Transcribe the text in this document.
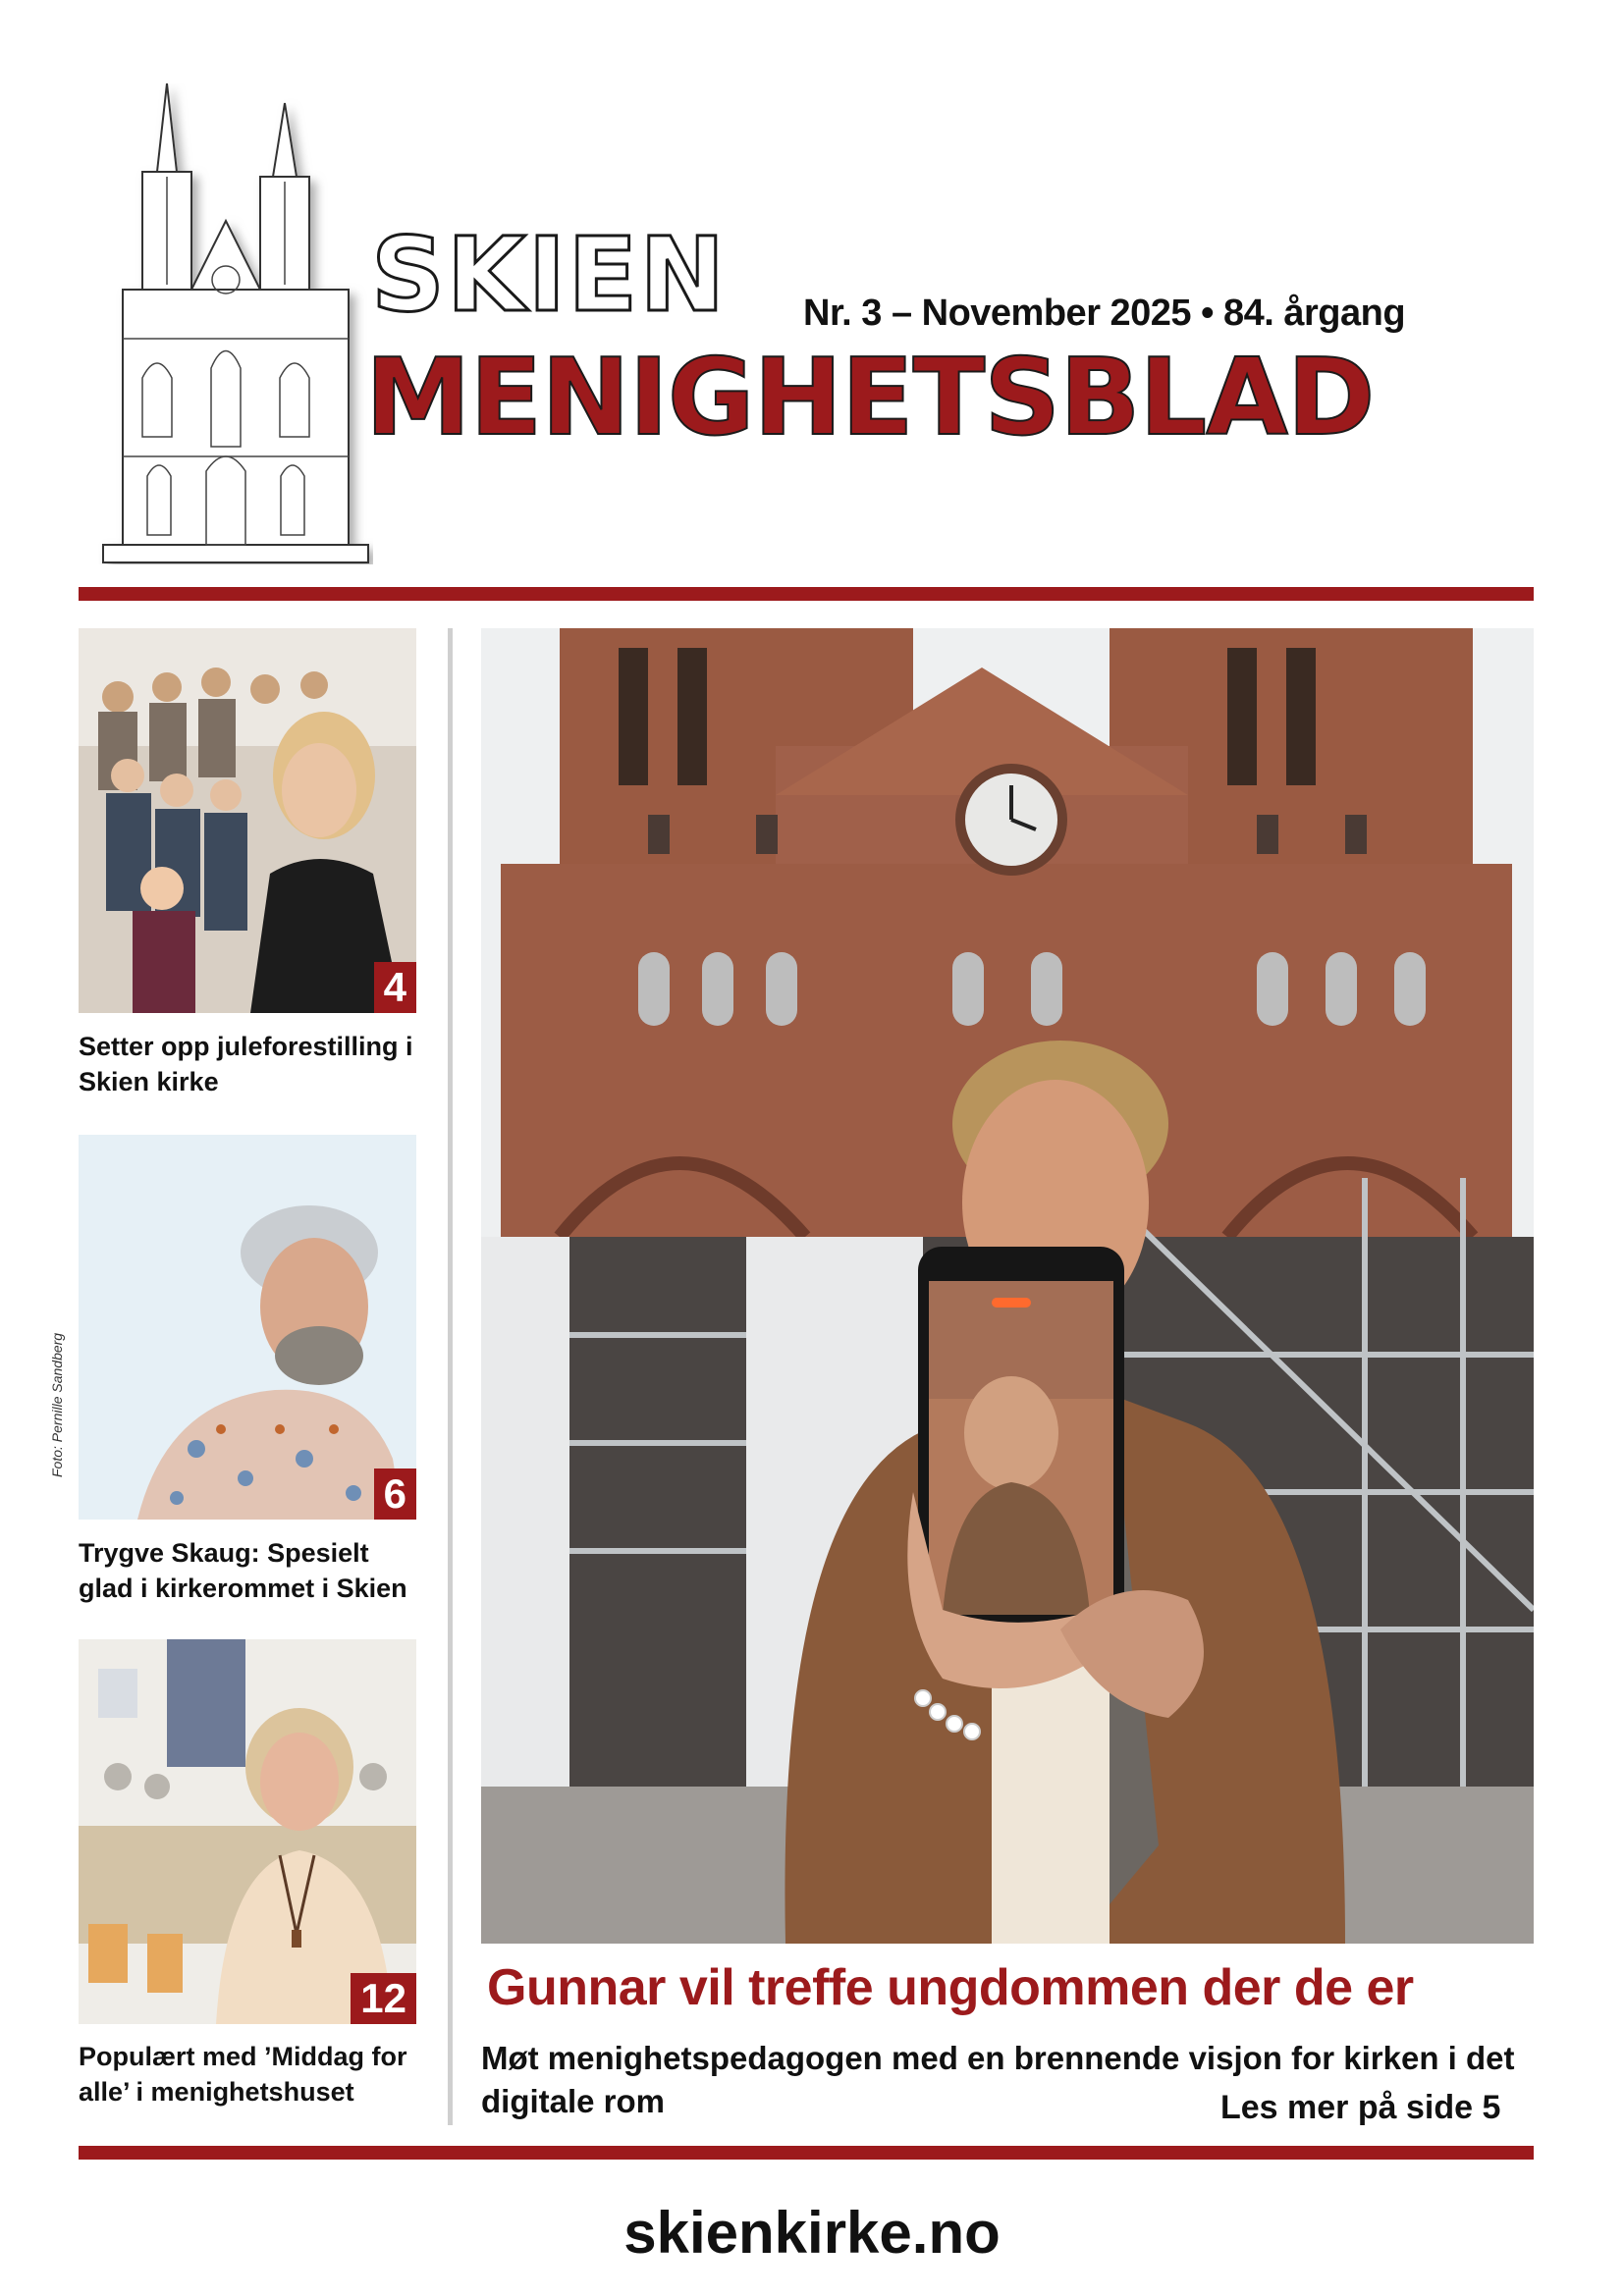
SKIEN Nr. 3 – November 2025 • 84. årgang
MENIGHETSBLAD
4
Setter opp juleforestilling i Skien kirke
6
Trygve Skaug: Spesielt glad i kirkerommet i Skien
Foto: Pernille Sandberg
12
Populært med ’Middag for alle’ i menighetshuset
Gunnar vil treffe ungdommen der de er
Møt menighetspedagogen med en brennende visjon for kirken i det digitale rom	Les mer på side 5
skienkirke.no
